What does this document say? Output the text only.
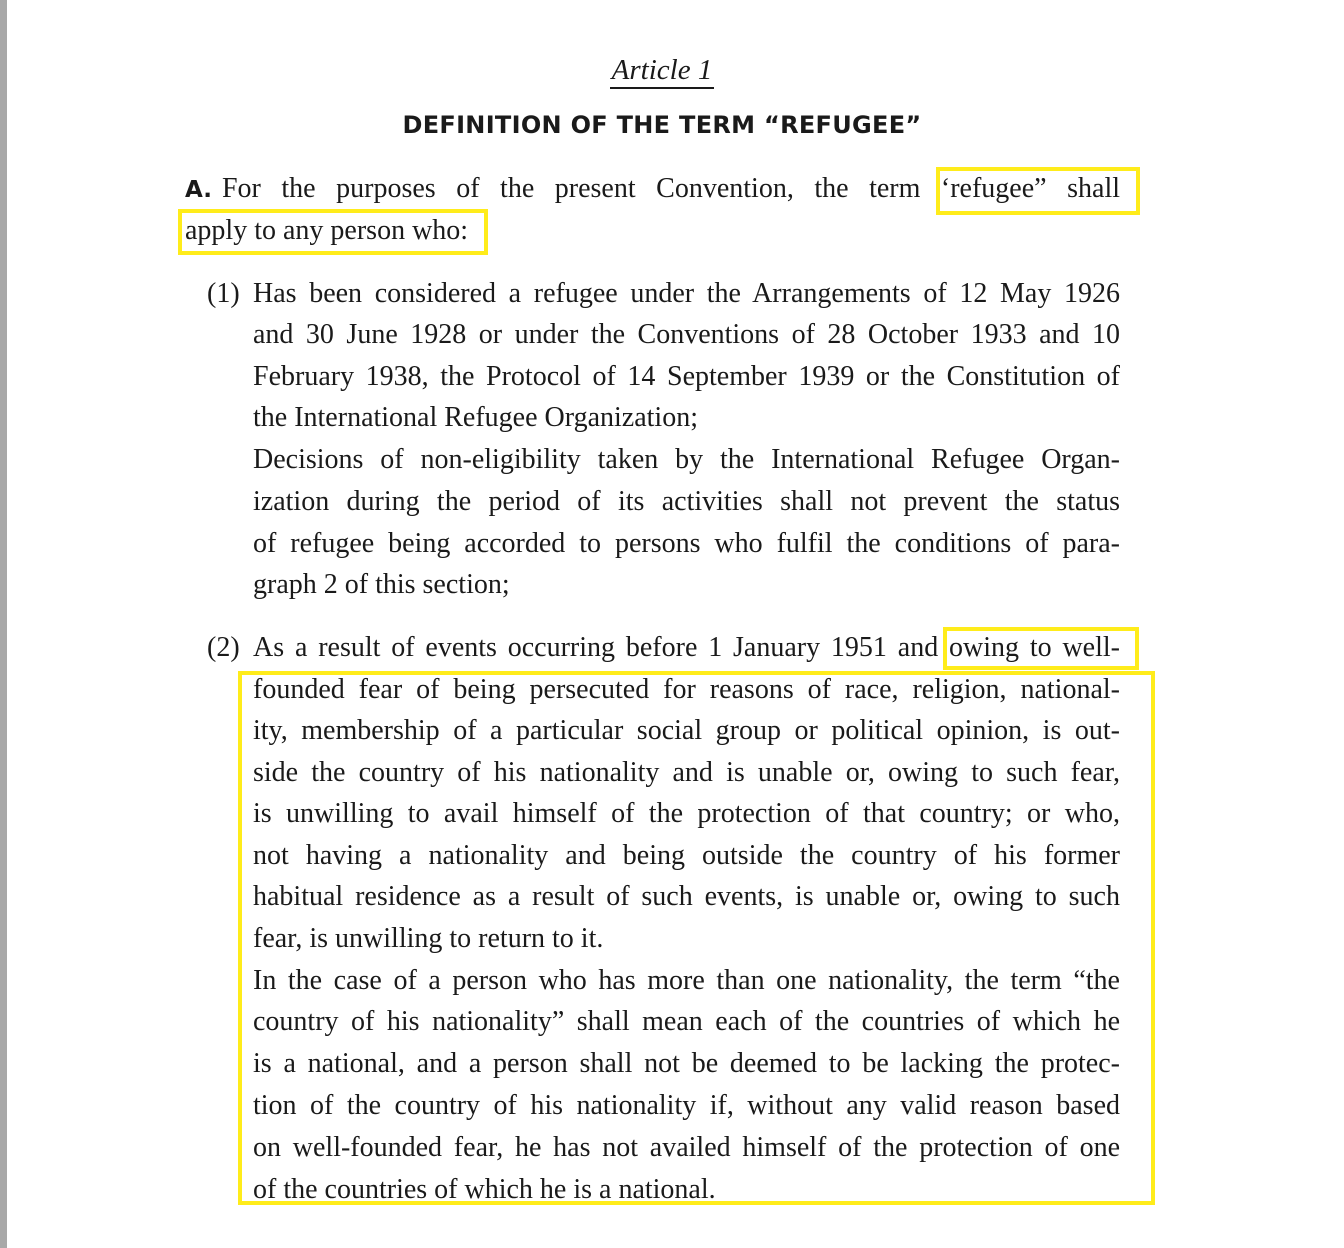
Article 1
DEFINITION OF THE TERM “REFUGEE”
A. For the purposes of the present Convention, the term ‘refugee” shall
apply to any person who:
(1) Has been considered a refugee under the Arrangements of 12 May 1926
and 30 June 1928 or under the Conventions of 28 October 1933 and 10
February 1938, the Protocol of 14 September 1939 or the Constitution of
the International Refugee Organization;
Decisions of non-eligibility taken by the International Refugee Organ-
ization during the period of its activities shall not prevent the status
of refugee being accorded to persons who fulfil the conditions of para-
graph 2 of this section;
(2) As a result of events occurring before 1 January 1951 and owing to well-
founded fear of being persecuted for reasons of race, religion, national-
ity, membership of a particular social group or political opinion, is out-
side the country of his nationality and is unable or, owing to such fear,
is unwilling to avail himself of the protection of that country; or who,
not having a nationality and being outside the country of his former
habitual residence as a result of such events, is unable or, owing to such
fear, is unwilling to return to it.
In the case of a person who has more than one nationality, the term “the
country of his nationality” shall mean each of the countries of which he
is a national, and a person shall not be deemed to be lacking the protec-
tion of the country of his nationality if, without any valid reason based
on well-founded fear, he has not availed himself of the protection of one
of the countries of which he is a national.
